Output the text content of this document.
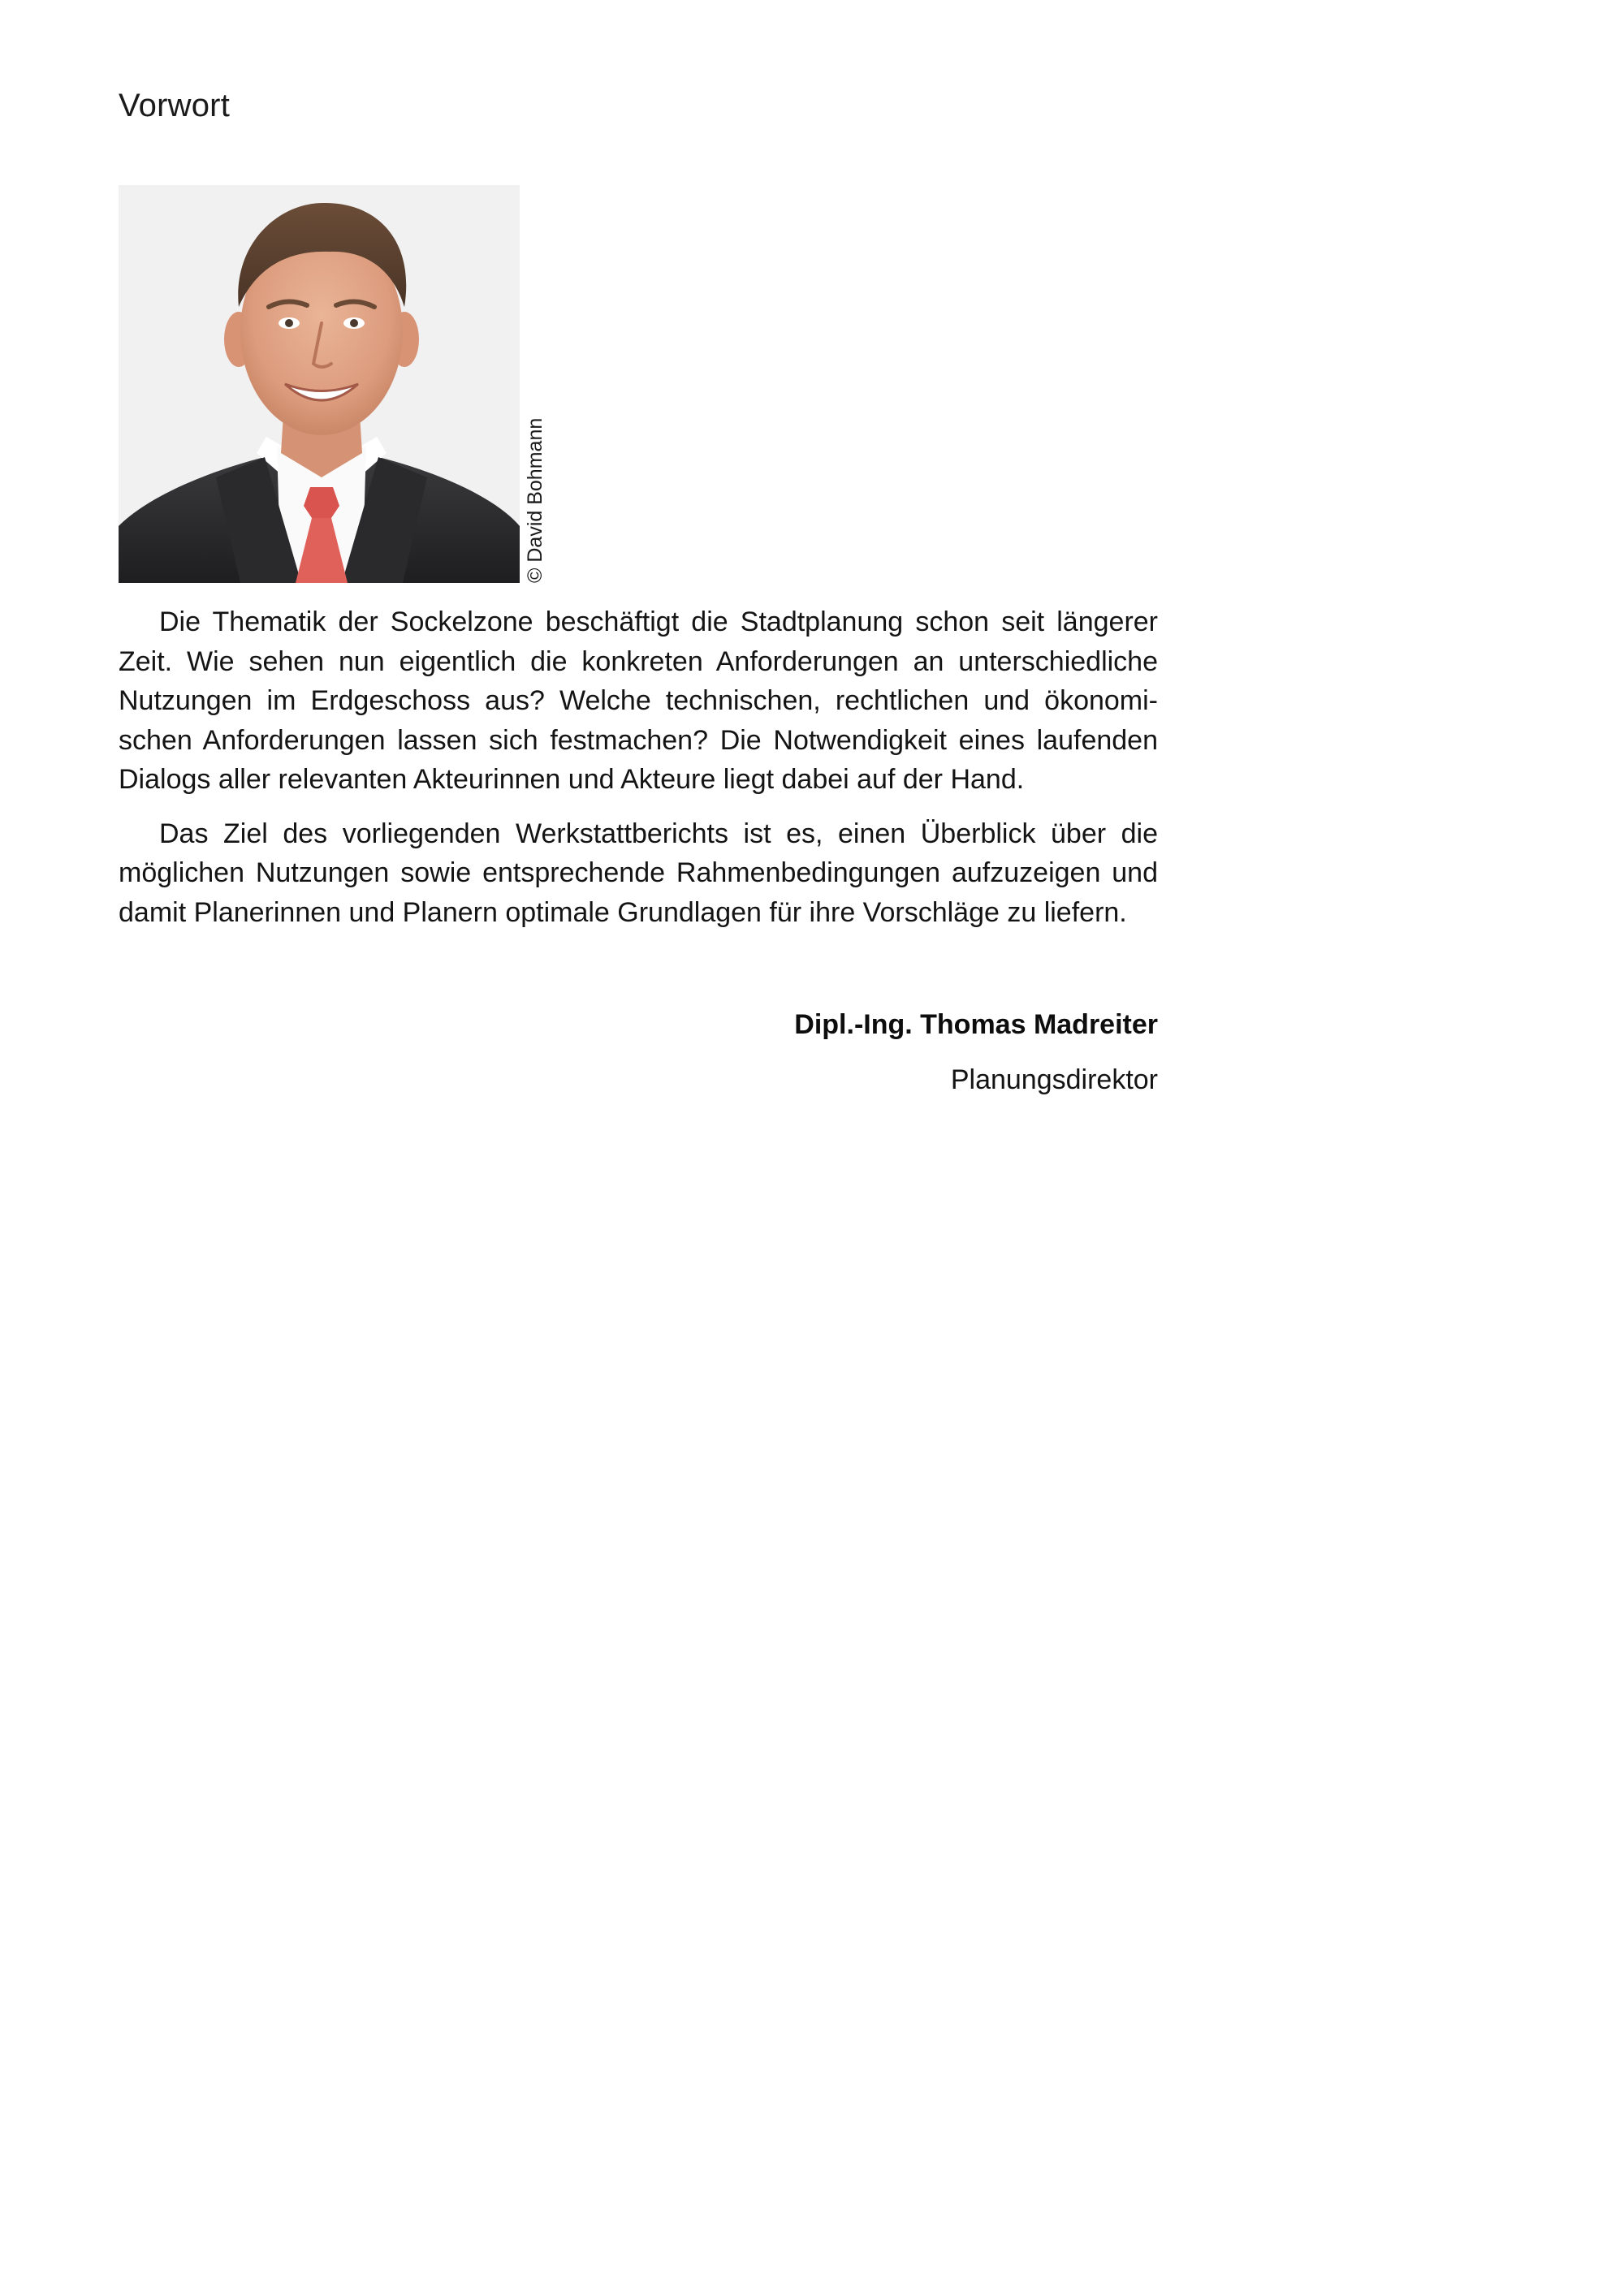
Vorwort
© David Bohmann

Die Thematik der Sockelzone beschäftigt die Stadtplanung schon seit längerer Zeit. Wie sehen nun eigentlich die konkreten Anforderungen an unterschiedliche Nutzungen im Erdgeschoss aus? Welche technischen, rechtlichen und ökonomischen Anforderungen lassen sich festmachen? Die Notwendigkeit eines laufenden Dialogs aller relevanten Akteurinnen und Akteure liegt dabei auf der Hand.

Das Ziel des vorliegenden Werkstattberichts ist es, einen Überblick über die möglichen Nutzungen sowie entsprechende Rahmenbedingungen aufzuzeigen und damit Planerinnen und Planern optimale Grundlagen für ihre Vorschläge zu liefern.

Dipl.-Ing. Thomas Madreiter
Planungsdirektor
